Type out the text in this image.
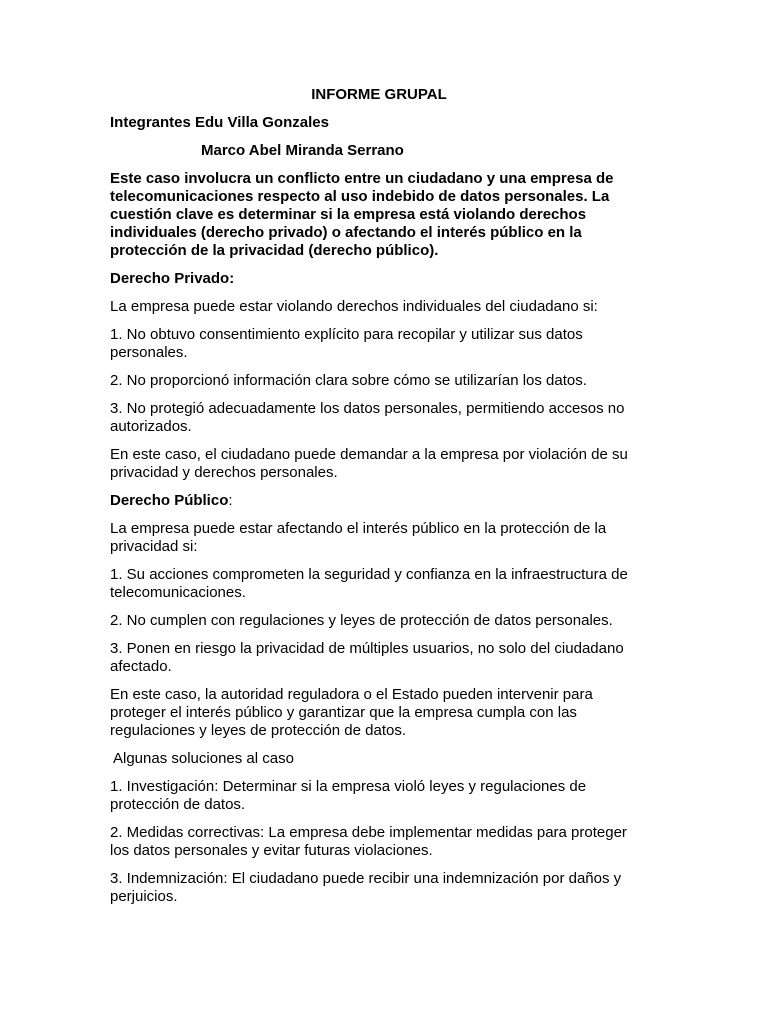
INFORME GRUPAL

Integrantes Edu Villa Gonzales

Marco Abel Miranda Serrano

Este caso involucra un conflicto entre un ciudadano y una empresa de telecomunicaciones respecto al uso indebido de datos personales. La cuestión clave es determinar si la empresa está violando derechos individuales (derecho privado) o afectando el interés público en la protección de la privacidad (derecho público).

Derecho Privado:

La empresa puede estar violando derechos individuales del ciudadano si:

1. No obtuvo consentimiento explícito para recopilar y utilizar sus datos personales.

2. No proporcionó información clara sobre cómo se utilizarían los datos.

3. No protegió adecuadamente los datos personales, permitiendo accesos no autorizados.

En este caso, el ciudadano puede demandar a la empresa por violación de su privacidad y derechos personales.

Derecho Público:

La empresa puede estar afectando el interés público en la protección de la privacidad si:

1. Su acciones comprometen la seguridad y confianza en la infraestructura de telecomunicaciones.

2. No cumplen con regulaciones y leyes de protección de datos personales.

3. Ponen en riesgo la privacidad de múltiples usuarios, no solo del ciudadano afectado.

En este caso, la autoridad reguladora o el Estado pueden intervenir para proteger el interés público y garantizar que la empresa cumpla con las regulaciones y leyes de protección de datos.

Algunas soluciones al caso

1. Investigación: Determinar si la empresa violó leyes y regulaciones de protección de datos.

2. Medidas correctivas: La empresa debe implementar medidas para proteger los datos personales y evitar futuras violaciones.

3. Indemnización: El ciudadano puede recibir una indemnización por daños y perjuicios.
